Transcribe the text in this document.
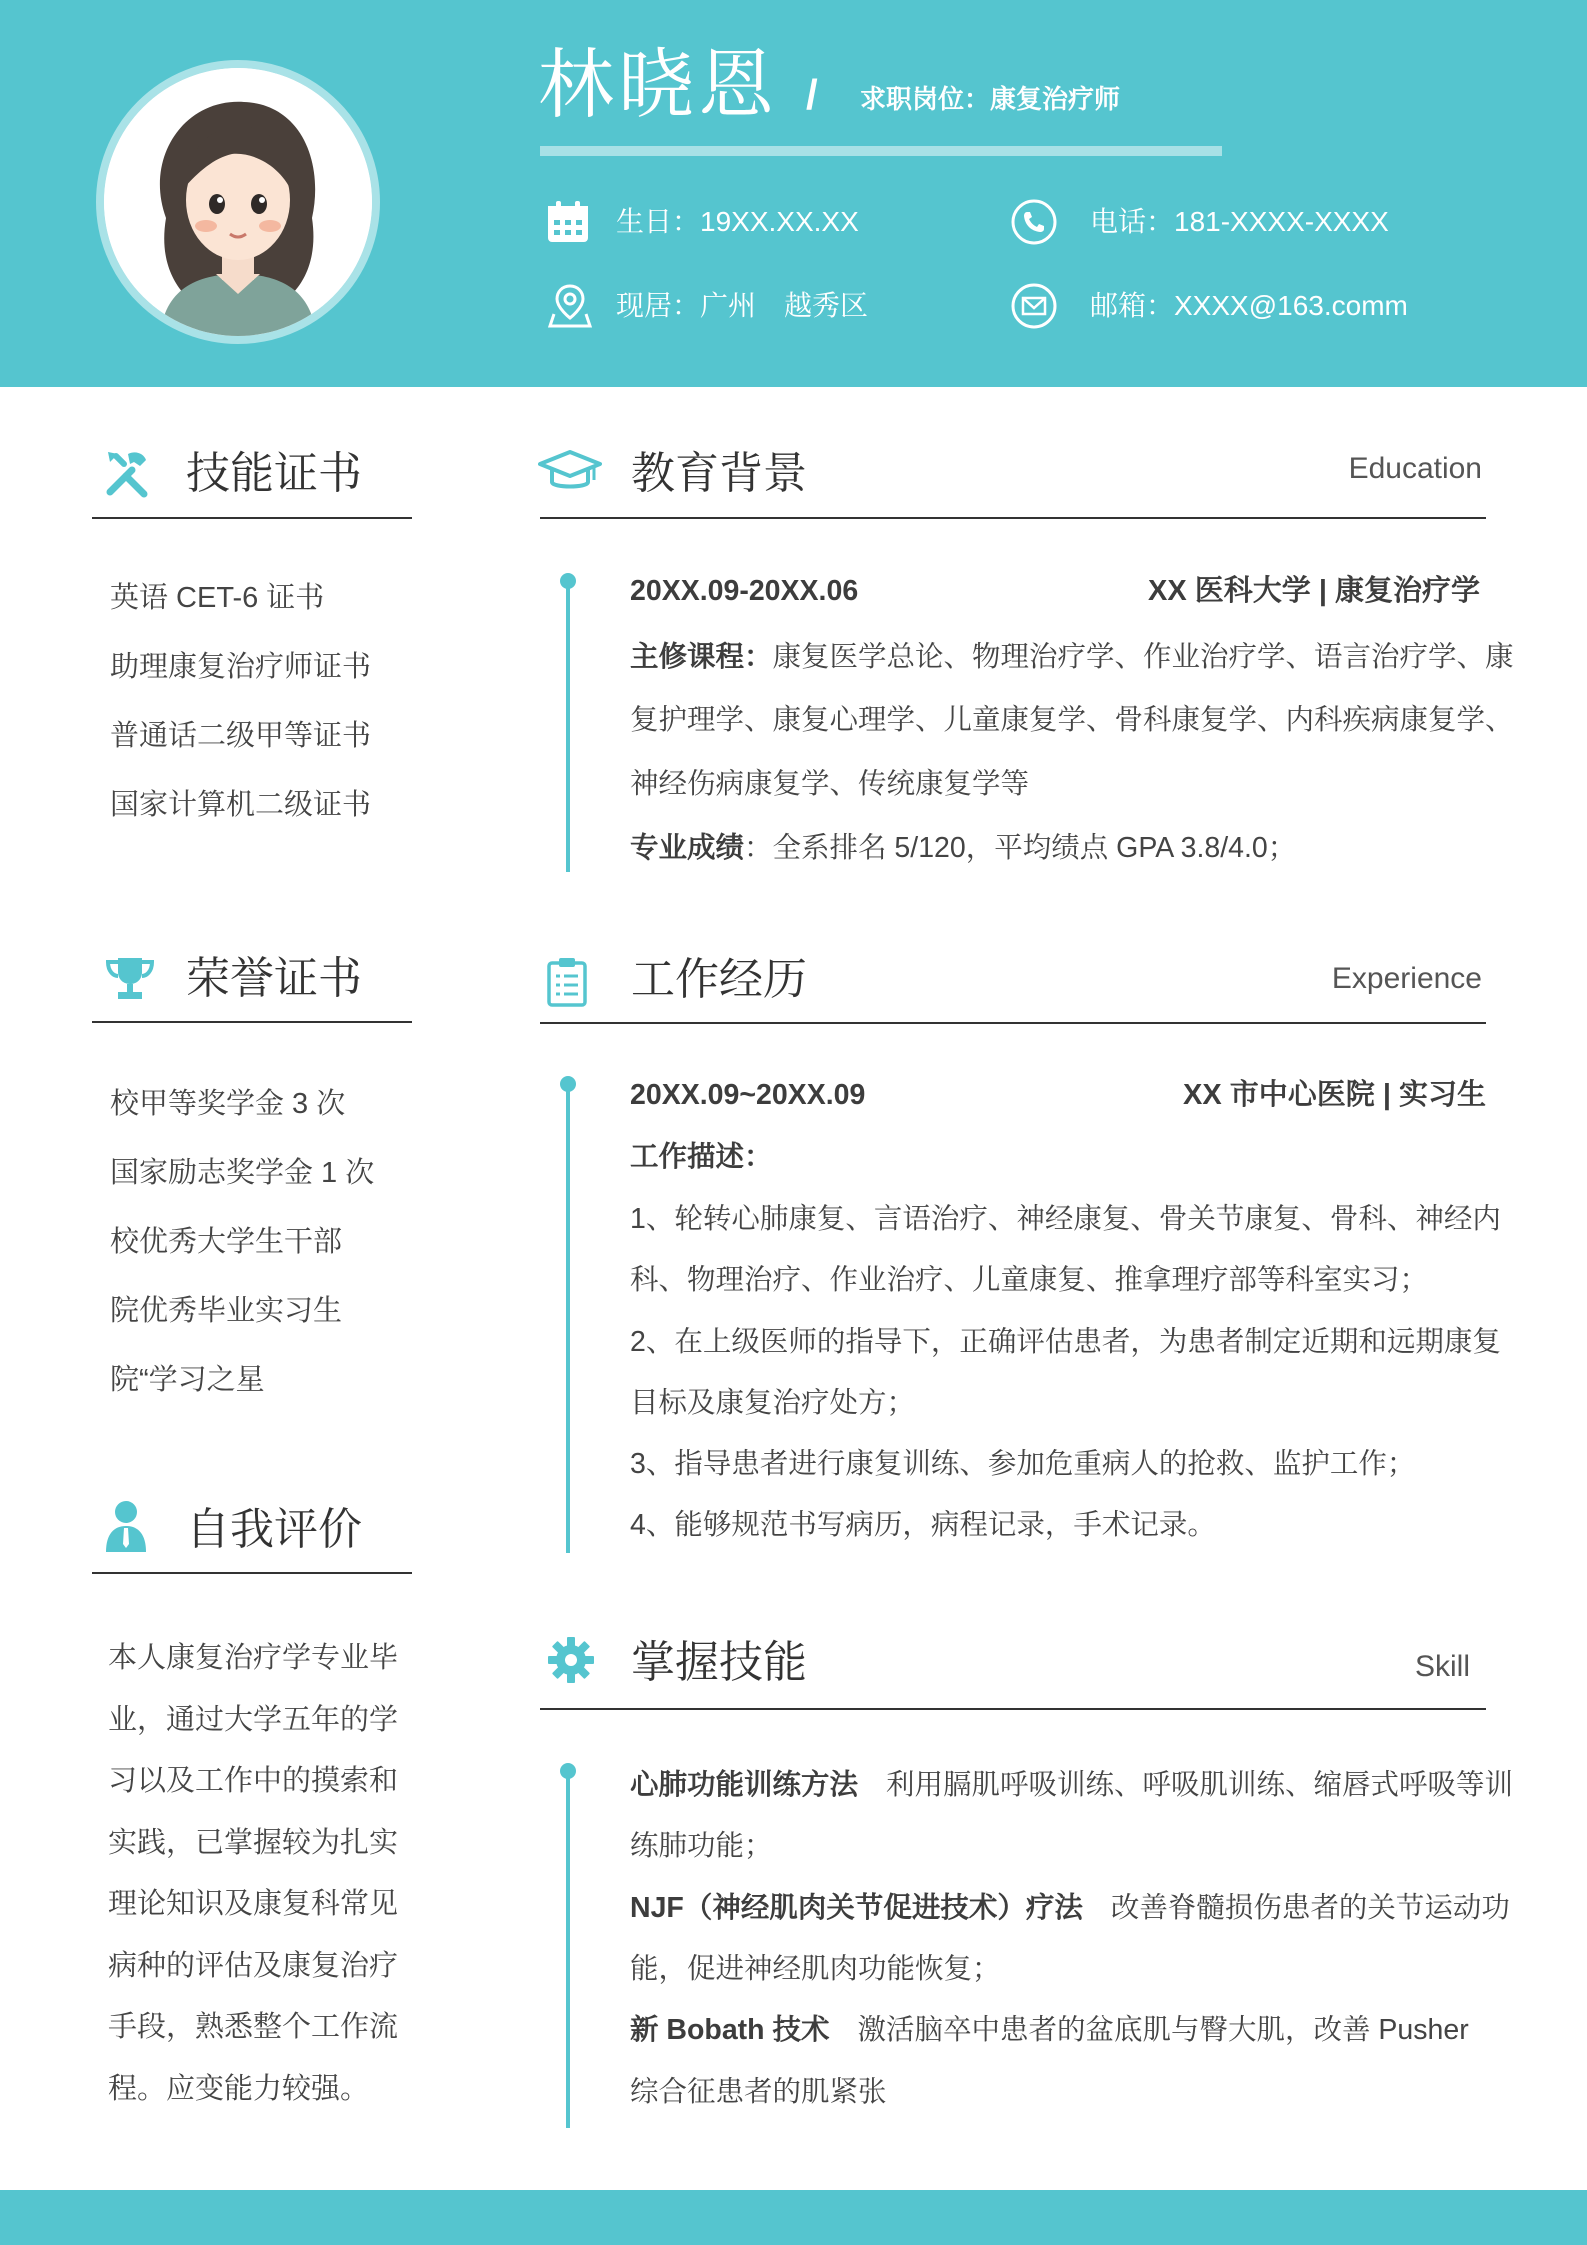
林晓恩 / 求职岗位：康复治疗师
生日：19XX.XX.XX	电话：181-XXXX-XXXX
现居：广州　越秀区	邮箱：XXXX@163.comm
技能证书
英语 CET-6 证书
助理康复治疗师证书
普通话二级甲等证书
国家计算机二级证书
荣誉证书
校甲等奖学金 3 次
国家励志奖学金 1 次
校优秀大学生干部
院优秀毕业实习生
院“学习之星
自我评价
本人康复治疗学专业毕业，通过大学五年的学习以及工作中的摸索和实践，已掌握较为扎实理论知识及康复科常见病种的评估及康复治疗手段，熟悉整个工作流程。应变能力较强。
教育背景	Education
20XX.09-20XX.06	XX 医科大学 | 康复治疗学
主修课程：康复医学总论、物理治疗学、作业治疗学、语言治疗学、康
复护理学、康复心理学、儿童康复学、骨科康复学、内科疾病康复学、
神经伤病康复学、传统康复学等
专业成绩：全系排名 5/120，平均绩点 GPA 3.8/4.0；
工作经历	Experience
20XX.09~20XX.09	XX 市中心医院 | 实习生
工作描述：
1、轮转心肺康复、言语治疗、神经康复、骨关节康复、骨科、神经内
科、物理治疗、作业治疗、儿童康复、推拿理疗部等科室实习；
2、在上级医师的指导下，正确评估患者，为患者制定近期和远期康复
目标及康复治疗处方；
3、指导患者进行康复训练、参加危重病人的抢救、监护工作；
4、能够规范书写病历，病程记录，手术记录。
掌握技能	Skill
心肺功能训练方法 利用膈肌呼吸训练、呼吸肌训练、缩唇式呼吸等训
练肺功能；
NJF（神经肌肉关节促进技术）疗法 改善脊髓损伤患者的关节运动功
能，促进神经肌肉功能恢复；
新 Bobath 技术 激活脑卒中患者的盆底肌与臀大肌，改善 Pusher
综合征患者的肌紧张
